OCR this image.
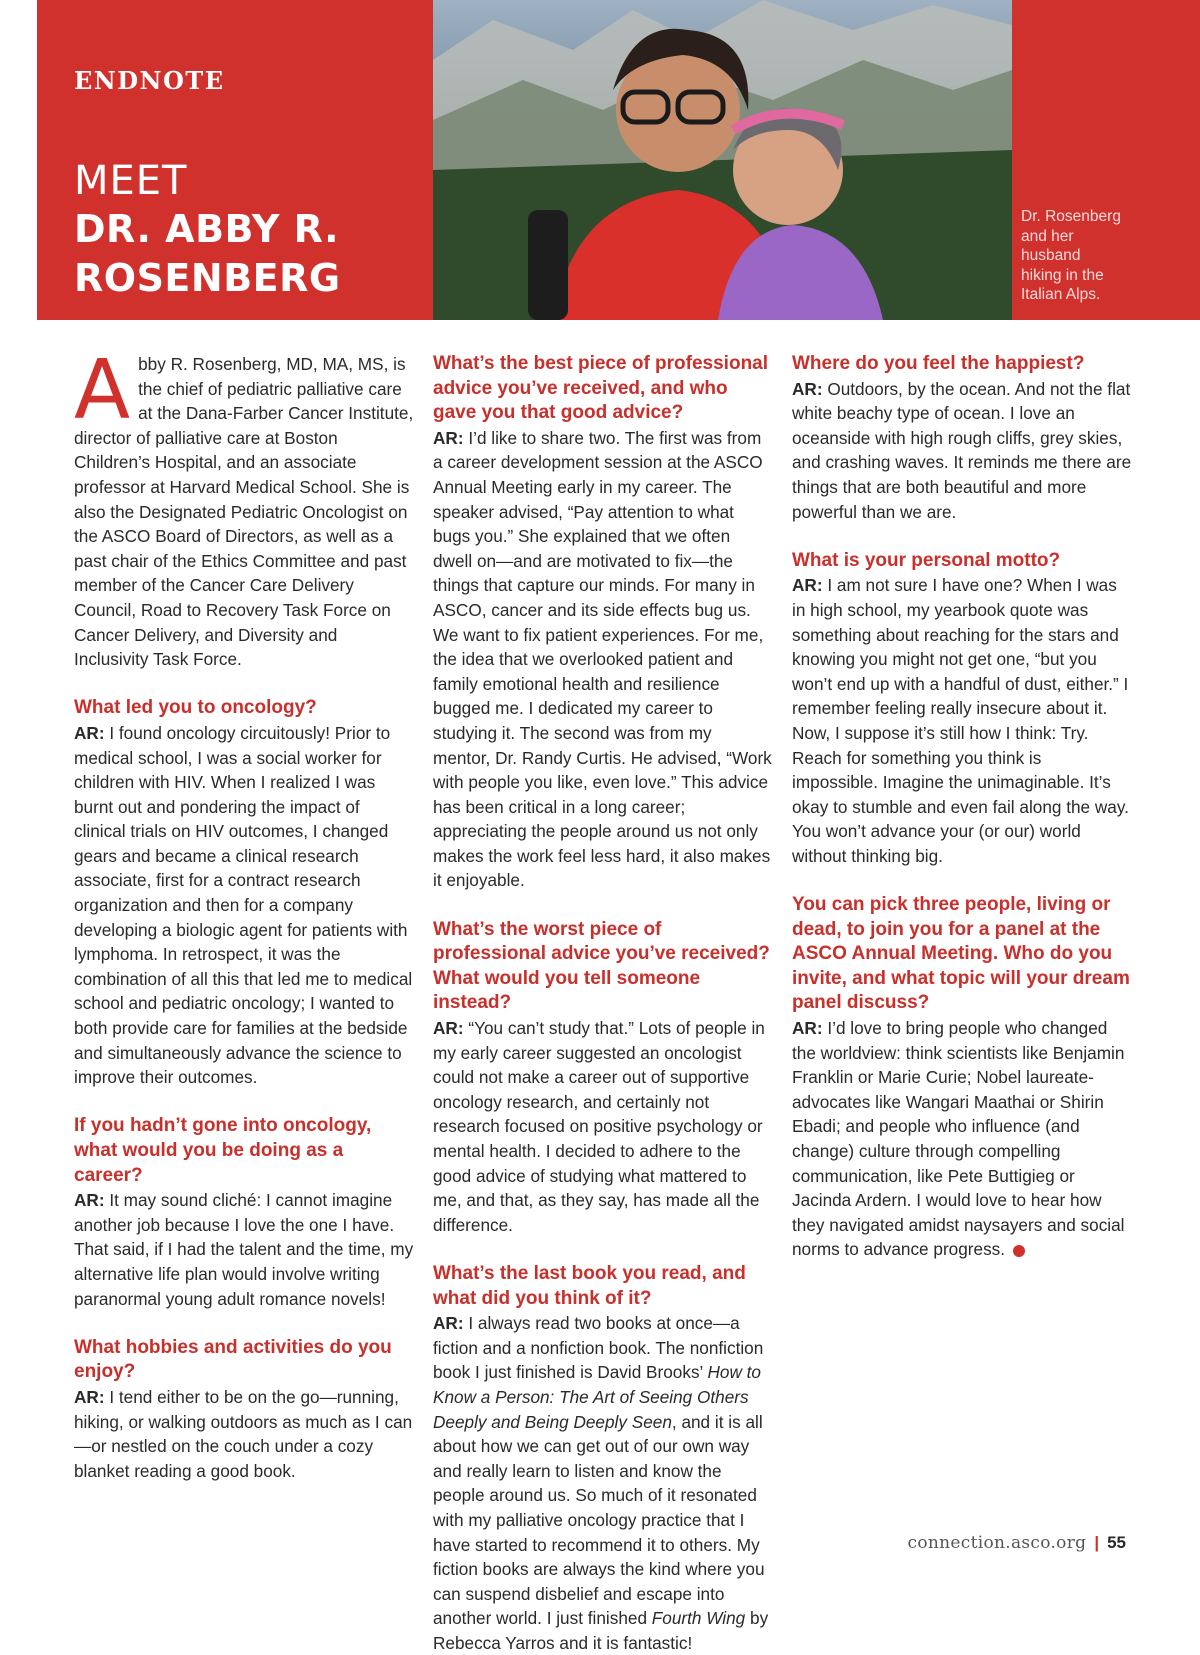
ENDNOTE
MEET
DR. ABBY R. ROSENBERG
Dr. Rosenberg and her husband hiking in the Italian Alps.

Abby R. Rosenberg, MD, MA, MS, is the chief of pediatric palliative care at the Dana-Farber Cancer Institute, director of palliative care at Boston Children’s Hospital, and an associate professor at Harvard Medical School. She is also the Designated Pediatric Oncologist on the ASCO Board of Directors, as well as a past chair of the Ethics Committee and past member of the Cancer Care Delivery Council, Road to Recovery Task Force on Cancer Delivery, and Diversity and Inclusivity Task Force.

What led you to oncology?

AR: I found oncology circuitously! Prior to medical school, I was a social worker for children with HIV. When I realized I was burnt out and pondering the impact of clinical trials on HIV outcomes, I changed gears and became a clinical research associate, first for a contract research organization and then for a company developing a biologic agent for patients with lymphoma. In retrospect, it was the combination of all this that led me to medical school and pediatric oncology; I wanted to both provide care for families at the bedside and simultaneously advance the science to improve their outcomes.

If you hadn’t gone into oncology, what would you be doing as a career?

AR: It may sound cliché: I cannot imagine another job because I love the one I have. That said, if I had the talent and the time, my alternative life plan would involve writing paranormal young adult romance novels!

What hobbies and activities do you enjoy?

AR: I tend either to be on the go—running, hiking, or walking outdoors as much as I can—or nestled on the couch under a cozy blanket reading a good book.

What’s the best piece of professional advice you’ve received, and who gave you that good advice?

AR: I’d like to share two. The first was from a career development session at the ASCO Annual Meeting early in my career. The speaker advised, “Pay attention to what bugs you.” She explained that we often dwell on—and are motivated to fix—the things that capture our minds. For many in ASCO, cancer and its side effects bug us. We want to fix patient experiences. For me, the idea that we overlooked patient and family emotional health and resilience bugged me. I dedicated my career to studying it. The second was from my mentor, Dr. Randy Curtis. He advised, “Work with people you like, even love.” This advice has been critical in a long career; appreciating the people around us not only makes the work feel less hard, it also makes it enjoyable.

What’s the worst piece of professional advice you’ve received? What would you tell someone instead?

AR: “You can’t study that.” Lots of people in my early career suggested an oncologist could not make a career out of supportive oncology research, and certainly not research focused on positive psychology or mental health. I decided to adhere to the good advice of studying what mattered to me, and that, as they say, has made all the difference.

What’s the last book you read, and what did you think of it?

AR: I always read two books at once—a fiction and a nonfiction book. The nonfiction book I just finished is David Brooks’ How to Know a Person: The Art of Seeing Others Deeply and Being Deeply Seen, and it is all about how we can get out of our own way and really learn to listen and know the people around us. So much of it resonated with my palliative oncology practice that I have started to recommend it to others. My fiction books are always the kind where you can suspend disbelief and escape into another world. I just finished Fourth Wing by Rebecca Yarros and it is fantastic!

Where do you feel the happiest?

AR: Outdoors, by the ocean. And not the flat white beachy type of ocean. I love an oceanside with high rough cliffs, grey skies, and crashing waves. It reminds me there are things that are both beautiful and more powerful than we are.

What is your personal motto?

AR: I am not sure I have one? When I was in high school, my yearbook quote was something about reaching for the stars and knowing you might not get one, “but you won’t end up with a handful of dust, either.” I remember feeling really insecure about it. Now, I suppose it’s still how I think: Try. Reach for something you think is impossible. Imagine the unimaginable. It’s okay to stumble and even fail along the way. You won’t advance your (or our) world without thinking big.

You can pick three people, living or dead, to join you for a panel at the ASCO Annual Meeting. Who do you invite, and what topic will your dream panel discuss?

AR: I’d love to bring people who changed the worldview: think scientists like Benjamin Franklin or Marie Curie; Nobel laureate-advocates like Wangari Maathai or Shirin Ebadi; and people who influence (and change) culture through compelling communication, like Pete Buttigieg or Jacinda Ardern. I would love to hear how they navigated amidst naysayers and social norms to advance progress.

connection.asco.org | 55
